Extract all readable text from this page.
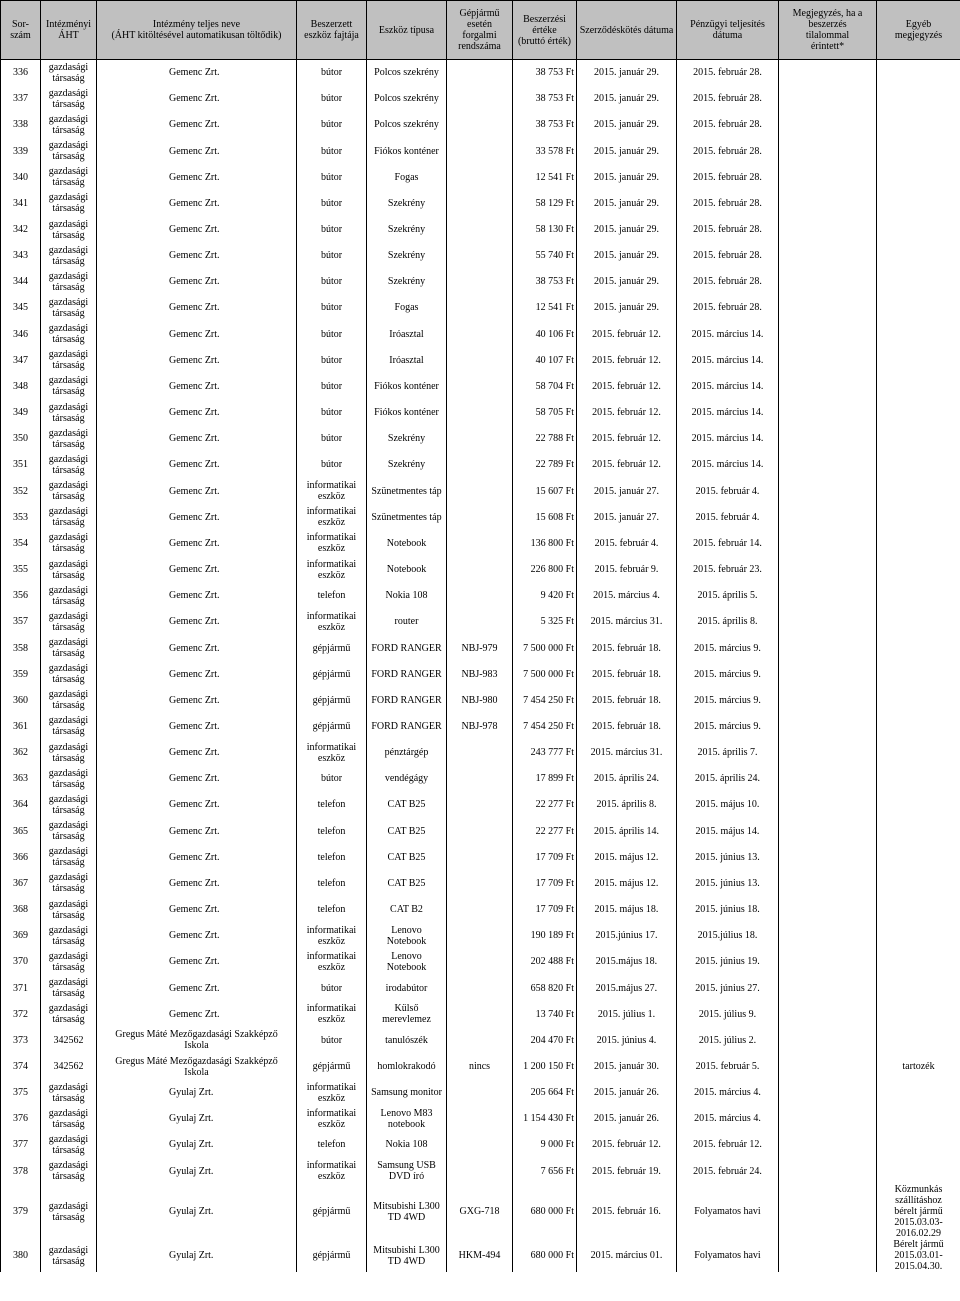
Sor-
szám	Intézményi
ÁHT	Intézmény teljes neve
(ÁHT kitöltésével automatikusan töltődik)	Beszerzett
eszköz fajtája	Eszköz típusa	Gépjármű esetén
forgalmi
rendszáma	Beszerzési értéke
(bruttó érték)	Szerződéskötés dátuma	Pénzügyi teljesítés
dátuma	Megjegyzés, ha a
beszerzés
tilalommal
érintett*	Egyéb
megjegyzés
336	gazdasági
társaság	Gemenc Zrt.	bútor	Polcos szekrény		38 753 Ft	2015. január 29.	2015. február 28.		
337	gazdasági
társaság	Gemenc Zrt.	bútor	Polcos szekrény		38 753 Ft	2015. január 29.	2015. február 28.		
338	gazdasági
társaság	Gemenc Zrt.	bútor	Polcos szekrény		38 753 Ft	2015. január 29.	2015. február 28.		
339	gazdasági
társaság	Gemenc Zrt.	bútor	Fiókos konténer		33 578 Ft	2015. január 29.	2015. február 28.		
340	gazdasági
társaság	Gemenc Zrt.	bútor	Fogas		12 541 Ft	2015. január 29.	2015. február 28.		
341	gazdasági
társaság	Gemenc Zrt.	bútor	Szekrény		58 129 Ft	2015. január 29.	2015. február 28.		
342	gazdasági
társaság	Gemenc Zrt.	bútor	Szekrény		58 130 Ft	2015. január 29.	2015. február 28.		
343	gazdasági
társaság	Gemenc Zrt.	bútor	Szekrény		55 740 Ft	2015. január 29.	2015. február 28.		
344	gazdasági
társaság	Gemenc Zrt.	bútor	Szekrény		38 753 Ft	2015. január 29.	2015. február 28.		
345	gazdasági
társaság	Gemenc Zrt.	bútor	Fogas		12 541 Ft	2015. január 29.	2015. február 28.		
346	gazdasági
társaság	Gemenc Zrt.	bútor	Iróasztal		40 106 Ft	2015. február 12.	2015. március 14.		
347	gazdasági
társaság	Gemenc Zrt.	bútor	Iróasztal		40 107 Ft	2015. február 12.	2015. március 14.		
348	gazdasági
társaság	Gemenc Zrt.	bútor	Fiókos konténer		58 704 Ft	2015. február 12.	2015. március 14.		
349	gazdasági
társaság	Gemenc Zrt.	bútor	Fiókos konténer		58 705 Ft	2015. február 12.	2015. március 14.		
350	gazdasági
társaság	Gemenc Zrt.	bútor	Szekrény		22 788 Ft	2015. február 12.	2015. március 14.		
351	gazdasági
társaság	Gemenc Zrt.	bútor	Szekrény		22 789 Ft	2015. február 12.	2015. március 14.		
352	gazdasági
társaság	Gemenc Zrt.	informatikai
eszköz	Szünetmentes táp		15 607 Ft	2015. január 27.	2015. február 4.		
353	gazdasági
társaság	Gemenc Zrt.	informatikai
eszköz	Szünetmentes táp		15 608 Ft	2015. január 27.	2015. február 4.		
354	gazdasági
társaság	Gemenc Zrt.	informatikai
eszköz	Notebook		136 800 Ft	2015. február 4.	2015. február 14.		
355	gazdasági
társaság	Gemenc Zrt.	informatikai
eszköz	Notebook		226 800 Ft	2015. február 9.	2015. február 23.		
356	gazdasági
társaság	Gemenc Zrt.	telefon	Nokia 108		9 420 Ft	2015. március 4.	2015. április 5.		
357	gazdasági
társaság	Gemenc Zrt.	informatikai
eszköz	router		5 325 Ft	2015. március 31.	2015. április 8.		
358	gazdasági
társaság	Gemenc Zrt.	gépjármű	FORD RANGER	NBJ-979	7 500 000 Ft	2015. február 18.	2015. március 9.		
359	gazdasági
társaság	Gemenc Zrt.	gépjármű	FORD RANGER	NBJ-983	7 500 000 Ft	2015. február 18.	2015. március 9.		
360	gazdasági
társaság	Gemenc Zrt.	gépjármű	FORD RANGER	NBJ-980	7 454 250 Ft	2015. február 18.	2015. március 9.		
361	gazdasági
társaság	Gemenc Zrt.	gépjármű	FORD RANGER	NBJ-978	7 454 250 Ft	2015. február 18.	2015. március 9.		
362	gazdasági
társaság	Gemenc Zrt.	informatikai
eszköz	pénztárgép		243 777 Ft	2015. március 31.	2015. április 7.		
363	gazdasági
társaság	Gemenc Zrt.	bútor	vendégágy		17 899 Ft	2015. április 24.	2015. április 24.		
364	gazdasági
társaság	Gemenc Zrt.	telefon	CAT B25		22 277 Ft	2015. április 8.	2015. május 10.		
365	gazdasági
társaság	Gemenc Zrt.	telefon	CAT B25		22 277 Ft	2015. április 14.	2015. május 14.		
366	gazdasági
társaság	Gemenc Zrt.	telefon	CAT B25		17 709 Ft	2015. május 12.	2015. június 13.		
367	gazdasági
társaság	Gemenc Zrt.	telefon	CAT B25		17 709 Ft	2015. május 12.	2015. június 13.		
368	gazdasági
társaság	Gemenc Zrt.	telefon	CAT B2		17 709 Ft	2015. május 18.	2015. június 18.		
369	gazdasági
társaság	Gemenc Zrt.	informatikai
eszköz	Lenovo
Notebook		190 189 Ft	2015.június 17.	2015.július 18.		
370	gazdasági
társaság	Gemenc Zrt.	informatikai
eszköz	Lenovo
Notebook		202 488 Ft	2015.május 18.	2015. június 19.		
371	gazdasági
társaság	Gemenc Zrt.	bútor	irodabútor		658 820 Ft	2015.május 27.	2015. június 27.		
372	gazdasági
társaság	Gemenc Zrt.	informatikai
eszköz	Külső
merevlemez		13 740 Ft	2015. július 1.	2015. július 9.		
373	342562	Gregus Máté Mezőgazdasági Szakképző
Iskola	bútor	tanulószék		204 470 Ft	2015. június 4.	2015. július 2.		
374	342562	Gregus Máté Mezőgazdasági Szakképző
Iskola	gépjármű	homlokrakodó	nincs	1 200 150 Ft	2015. január 30.	2015. február 5.		tartozék
375	gazdasági
társaság	Gyulaj Zrt.	informatikai
eszköz	Samsung monitor		205 664 Ft	2015. január 26.	2015. március 4.		
376	gazdasági
társaság	Gyulaj Zrt.	informatikai
eszköz	Lenovo M83
notebook		1 154 430 Ft	2015. január 26.	2015. március 4.		
377	gazdasági
társaság	Gyulaj Zrt.	telefon	Nokia 108		9 000 Ft	2015. február 12.	2015. február 12.		
378	gazdasági
társaság	Gyulaj Zrt.	informatikai
eszköz	Samsung USB
DVD író		7 656 Ft	2015. február 19.	2015. február 24.		
379	gazdasági
társaság	Gyulaj Zrt.	gépjármű	Mitsubishi L300
TD 4WD	GXG-718	680 000 Ft	2015. február 16.	Folyamatos havi		Közmunkás
szállításhoz
bérelt jármű
2015.03.03-
2016.02.29
380	gazdasági
társaság	Gyulaj Zrt.	gépjármű	Mitsubishi L300
TD 4WD	HKM-494	680 000 Ft	2015. március 01.	Folyamatos havi		Bérelt jármű
2015.03.01-
2015.04.30.
